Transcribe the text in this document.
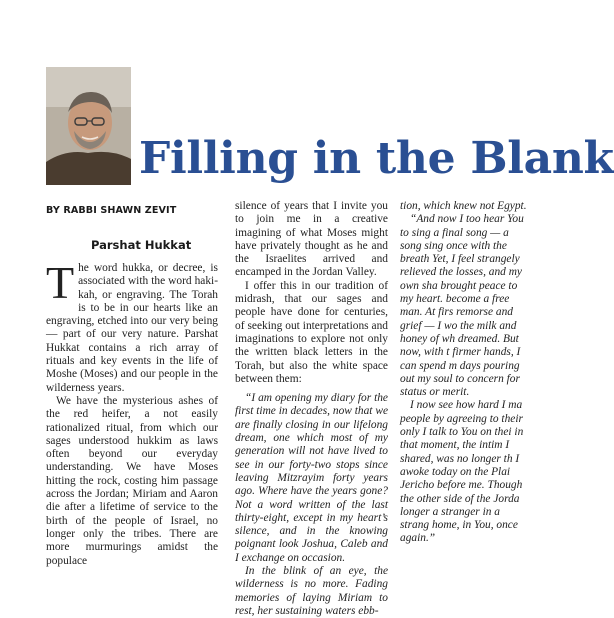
Filling in the Blank
BY RABBI SHAWN ZEVIT
Parshat Hukkat
T he word hukka, or decree, is associated with the word haki-kah, or engraving. The Torah is to be in our hearts like an engraving, etched into our very being — part of our very nature. Parshat Hukkat contains a rich array of rituals and key events in the life of Moshe (Moses) and our people in the wilderness years.

We have the mysterious ashes of the red heifer, a not easily rationalized ritual, from which our sages understood hukkim as laws often beyond our everyday understanding. We have Moses hitting the rock, costing him passage across the Jordan; Miriam and Aaron die after a lifetime of service to the birth of the people of Israel, no longer only the tribes. There are more murmurings amidst the populace

silence of years that I invite you to join me in a creative imagining of what Moses might have privately thought as he and the Israelites arrived and encamped in the Jordan Valley.

I offer this in our tradition of midrash, that our sages and people have done for centuries, of seeking out interpretations and imaginations to explore not only the written black letters in the Torah, but also the white space between them:

“I am opening my diary for the first time in decades, now that we are finally closing in our lifelong dream, one which most of my generation will not have lived to see in our forty-two stops since leaving Mitzrayim forty years ago. Where have the years gone? Not a word written of the last thirty-eight, except in my heart’s silence, and in the knowing poignant look Joshua, Caleb and I exchange on occasion.

In the blink of an eye, the wilderness is no more. Fading memories of laying Miriam to rest, her sustaining waters ebb-

tion, which knew not Egypt.

“And now I too hear You to sing a final song — a song sing once with the breath Yet, I feel strangely relieved the losses, and my own sha brought peace to my heart. become a free man. At firs remorse and grief — I wo the milk and honey of wh dreamed. But now, with t firmer hands, I can spend m days pouring out my soul to concern for status or merit.

I now see how hard I ma people by agreeing to their only I talk to You on thei in that moment, the intim I shared, was no longer th I awoke today on the Plai Jericho before me. Though the other side of the Jorda longer a stranger in a strang home, in You, once again.”
